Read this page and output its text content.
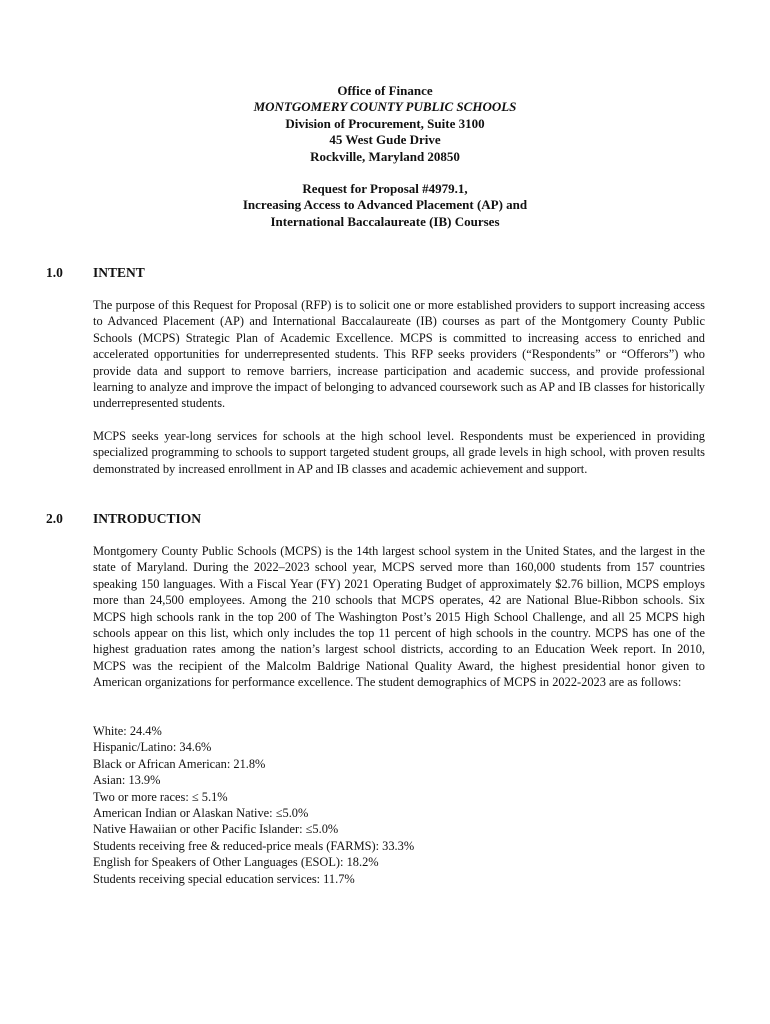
Office of Finance
MONTGOMERY COUNTY PUBLIC SCHOOLS
Division of Procurement, Suite 3100
45 West Gude Drive
Rockville, Maryland 20850
Request for Proposal #4979.1,
Increasing Access to Advanced Placement (AP) and
International Baccalaureate (IB) Courses
1.0 INTENT

The purpose of this Request for Proposal (RFP) is to solicit one or more established providers to support increasing access to Advanced Placement (AP) and International Baccalaureate (IB) courses as part of the Montgomery County Public Schools (MCPS) Strategic Plan of Academic Excellence. MCPS is committed to increasing access to enriched and accelerated opportunities for underrepresented students. This RFP seeks providers (“Respondents” or “Offerors”) who provide data and support to remove barriers, increase participation and academic success, and provide professional learning to analyze and improve the impact of belonging to advanced coursework such as AP and IB classes for historically underrepresented students.

MCPS seeks year-long services for schools at the high school level. Respondents must be experienced in providing specialized programming to schools to support targeted student groups, all grade levels in high school, with proven results demonstrated by increased enrollment in AP and IB classes and academic achievement and support.

2.0 INTRODUCTION

Montgomery County Public Schools (MCPS) is the 14th largest school system in the United States, and the largest in the state of Maryland. During the 2022–2023 school year, MCPS served more than 160,000 students from 157 countries speaking 150 languages. With a Fiscal Year (FY) 2021 Operating Budget of approximately $2.76 billion, MCPS employs more than 24,500 employees. Among the 210 schools that MCPS operates, 42 are National Blue-Ribbon schools. Six MCPS high schools rank in the top 200 of The Washington Post’s 2015 High School Challenge, and all 25 MCPS high schools appear on this list, which only includes the top 11 percent of high schools in the country. MCPS has one of the highest graduation rates among the nation’s largest school districts, according to an Education Week report. In 2010, MCPS was the recipient of the Malcolm Baldrige National Quality Award, the highest presidential honor given to American organizations for performance excellence. The student demographics of MCPS in 2022-2023 are as follows:

White: 24.4%
Hispanic/Latino: 34.6%
Black or African American: 21.8%
Asian: 13.9%
Two or more races: ≤ 5.1%
American Indian or Alaskan Native: ≤5.0%
Native Hawaiian or other Pacific Islander: ≤5.0%
Students receiving free & reduced-price meals (FARMS): 33.3%
English for Speakers of Other Languages (ESOL): 18.2%
Students receiving special education services: 11.7%
